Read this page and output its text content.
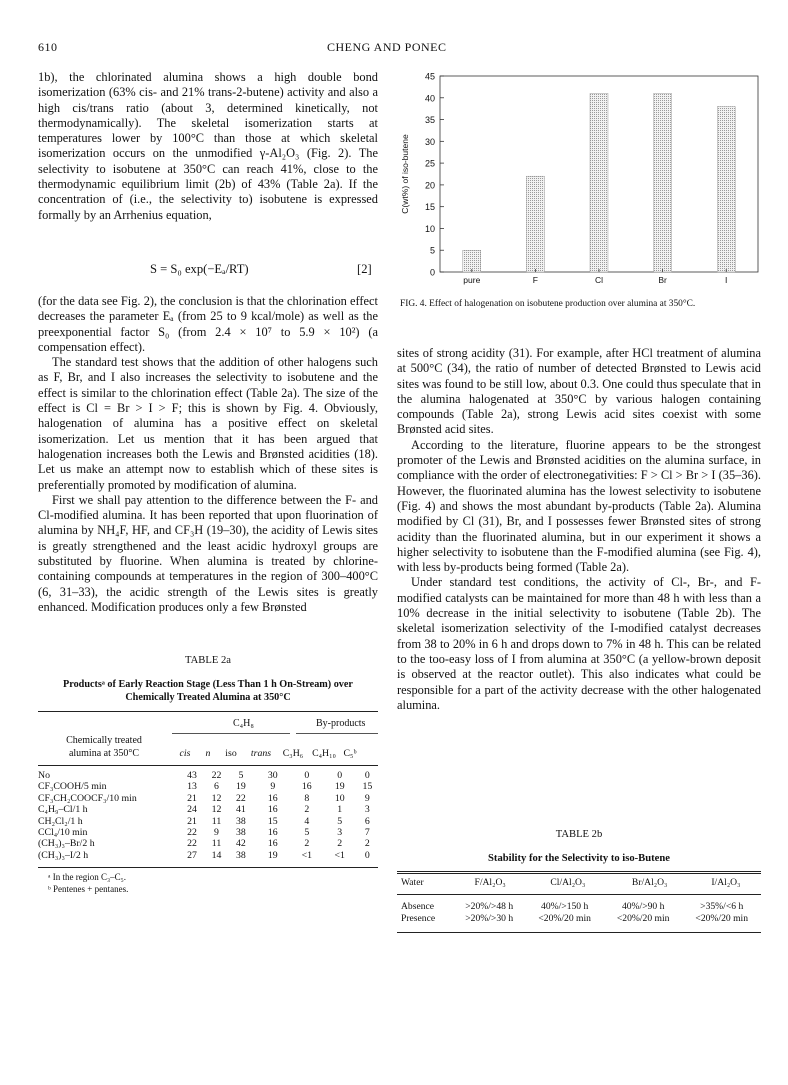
610	CHENG AND PONEC

1b), the chlorinated alumina shows a high double bond isomerization (63% cis- and 21% trans-2-butene) activity and also a high cis/trans ratio (about 3, determined kinetically, not thermodynamically). The skeletal isomerization starts at temperatures lower by 100°C than those at which skeletal isomerization occurs on the unmodified γ-Al₂O₃ (Fig. 2). The selectivity to isobutene at 350°C can reach 41%, close to the thermodynamic equilibrium limit (2b) of 43% (Table 2a). If the concentration of (i.e., the selectivity to) isobutene is expressed formally by an Arrhenius equation,

S = S₀ exp(−Eₐ/RT)	[2]

(for the data see Fig. 2), the conclusion is that the chlorination effect decreases the parameter Eₐ (from 25 to 9 kcal/mole) as well as the preexponential factor S₀ (from 2.4 × 10⁷ to 5.9 × 10²) (a compensation effect).

The standard test shows that the addition of other halogens such as F, Br, and I also increases the selectivity to isobutene and the effect is similar to the chlorination effect (Table 2a). The size of the effect is Cl = Br > I > F; this is shown by Fig. 4. Obviously, halogenation of alumina has a positive effect on skeletal isomerization. Let us mention that it has been argued that halogenation increases both the Lewis and Brønsted acidities (18). Let us make an attempt now to establish which of these sites is preferentially promoted by modification of alumina.

First we shall pay attention to the difference between the F- and Cl-modified alumina. It has been reported that upon fluorination of alumina by NH₄F, HF, and CF₃H (19–30), the acidity of Lewis sites is greatly strengthened and the least acidic hydroxyl groups are substituted by fluorine. When alumina is treated by chlorine-containing compounds at temperatures in the region of 300–400°C (6, 31–33), the acidic strength of the Lewis sites is greatly enhanced. Modification produces only a few Brønsted

TABLE 2a
Productsᵃ of Early Reaction Stage (Less Than 1 h On-Stream) over Chemically Treated Alumina at 350°C
C₄H₈	By-products
Chemically treated
alumina at 350°C	cis	n	iso	trans	C₃H₆	C₄H₁₀	C₅ᵇ
No	43	22	5	30	0	0	0
CF₃COOH/5 min	13	6	19	9	16	19	15
CF₃CH₂COOCF₃/10 min	21	12	22	16	8	10	9
C₄H₉–Cl/1 h	24	12	41	16	2	1	3
CH₂Cl₂/1 h	21	11	38	15	4	5	6
CCl₄/10 min	22	9	38	16	5	3	7
(CH₃)₃–Br/2 h	22	11	42	16	2	2	2
(CH₃)₃–I/2 h	27	14	38	19	<1	<1	0
ᵃ In the region C₃–C₅.
ᵇ Pentenes + pentanes.
0
5
10
15
20
25
30
35
40
45
C(wt%) of iso-butene
pure	F	Cl	Br	I
FIG. 4. Effect of halogenation on isobutene production over alumina at 350°C.

sites of strong acidity (31). For example, after HCl treatment of alumina at 500°C (34), the ratio of number of detected Brønsted to Lewis acid sites was found to be still low, about 0.3. One could thus speculate that in the alumina halogenated at 350°C by various halogen containing compounds (Table 2a), strong Lewis acid sites coexist with some Brønsted acid sites.

According to the literature, fluorine appears to be the strongest promoter of the Lewis and Brønsted acidities on the alumina surface, in compliance with the order of electronegativities: F > Cl > Br > I (35–36). However, the fluorinated alumina has the lowest selectivity to isobutene (Fig. 4) and shows the most abundant by-products (Table 2a). Alumina modified by Cl (31), Br, and I possesses fewer Brønsted sites of strong acidity than the fluorinated alumina, but in our experiment it shows a higher selectivity to isobutene than the F-modified alumina (see Fig. 4), with less by-products being formed (Table 2a).

Under standard test conditions, the activity of Cl-, Br-, and F- modified catalysts can be maintained for more than 48 h with less than a 10% decrease in the initial selectivity to isobutene (Table 2b). The skeletal isomerization selectivity of the I-modified catalyst decreases from 38 to 20% in 6 h and drops down to 7% in 48 h. This can be related to the too-easy loss of I from alumina at 350°C (a yellow-brown deposit is observed at the reactor outlet). This also indicates what could be responsible for a part of the activity decrease with the other halogenated alumina.

TABLE 2b
Stability for the Selectivity to iso-Butene
Water	F/Al₂O₃	Cl/Al₂O₃	Br/Al₂O₃	I/Al₂O₃
Absence	>20%/>48 h	40%/>150 h	40%/>90 h	>35%/<6 h
Presence	>20%/>30 h	<20%/20 min	<20%/20 min	<20%/20 min
